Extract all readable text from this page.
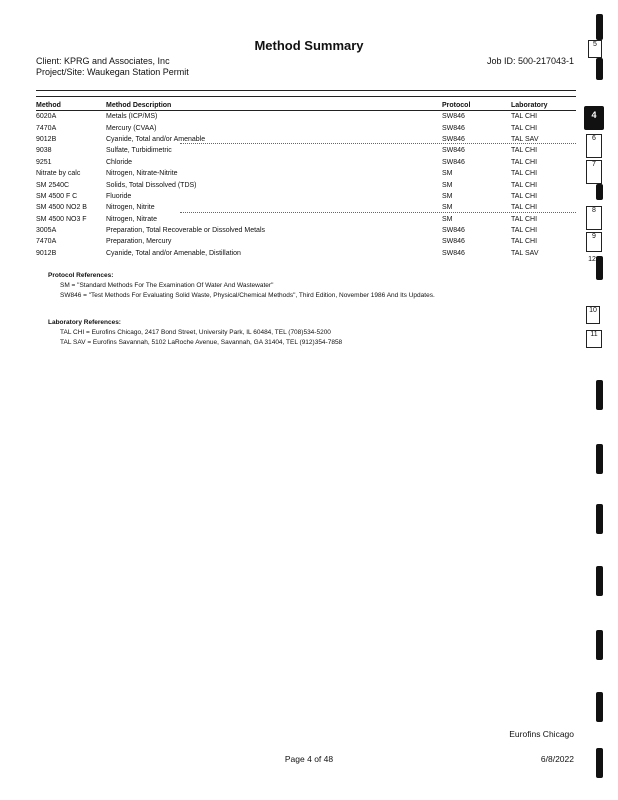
Method Summary
Client: KPRG and Associates, Inc
Project/Site: Waukegan Station Permit
Job ID: 500-217043-1
Method	Method Description	Protocol	Laboratory
6020A	Metals (ICP/MS)	SW846	TAL CHI
7470A	Mercury (CVAA)	SW846	TAL CHI
9012B	Cyanide, Total and/or Amenable	SW846	TAL SAV
9038	Sulfate, Turbidimetric	SW846	TAL CHI
9251	Chloride	SW846	TAL CHI
Nitrate by calc	Nitrogen, Nitrate-Nitrite	SM	TAL CHI
SM 2540C	Solids, Total Dissolved (TDS)	SM	TAL CHI
SM 4500 F C	Fluoride	SM	TAL CHI
SM 4500 NO2 B	Nitrogen, Nitrite	SM	TAL CHI
SM 4500 NO3 F	Nitrogen, Nitrate	SM	TAL CHI
3005A	Preparation, Total Recoverable or Dissolved Metals	SW846	TAL CHI
7470A	Preparation, Mercury	SW846	TAL CHI
9012B	Cyanide, Total and/or Amenable, Distillation	SW846	TAL SAV
Protocol References:
SM = "Standard Methods For The Examination Of Water And Wastewater"
SW846 = "Test Methods For Evaluating Solid Waste, Physical/Chemical Methods", Third Edition, November 1986 And Its Updates.
Laboratory References:
TAL CHI = Eurofins Chicago, 2417 Bond Street, University Park, IL 60484, TEL (708)534-5200
TAL SAV = Eurofins Savannah, 5102 LaRoche Avenue, Savannah, GA 31404, TEL (912)354-7858
Eurofins Chicago
Page 4 of 48	6/8/2022
5
4
6
7
8
9
10
11
12
